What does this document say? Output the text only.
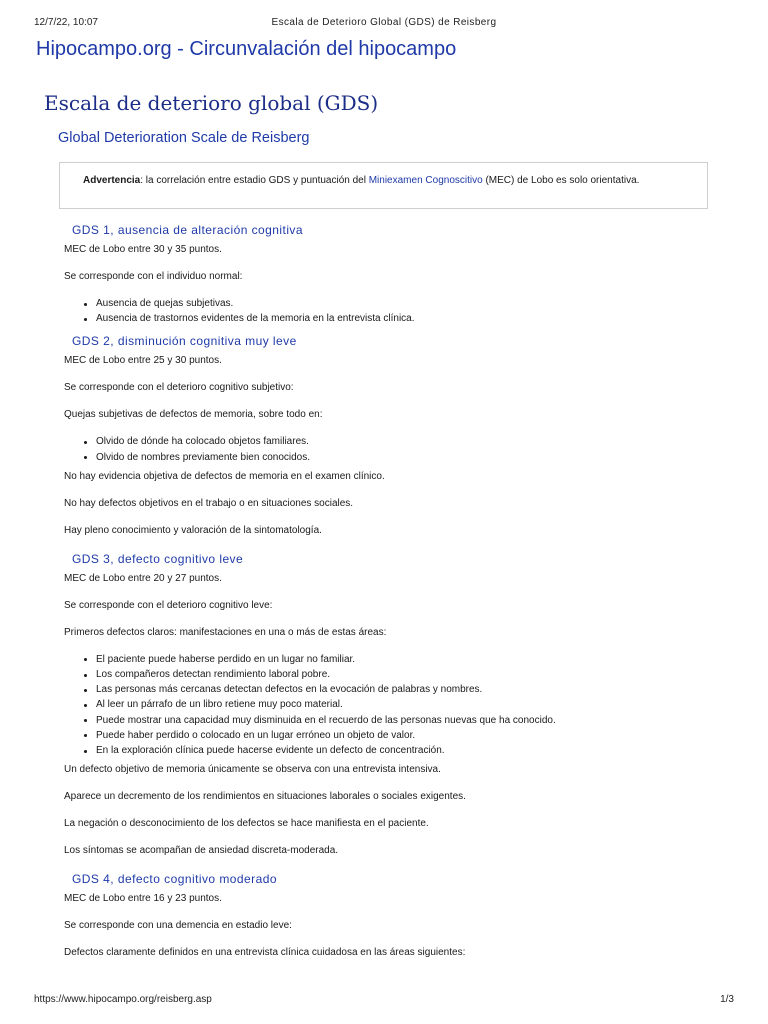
12/7/22, 10:07	Escala de Deterioro Global (GDS) de Reisberg
Hipocampo.org - Circunvalación del hipocampo
Escala de deterioro global (GDS)
Global Deterioration Scale de Reisberg
Advertencia: la correlación entre estadio GDS y puntuación del Miniexamen Cognoscitivo (MEC) de Lobo es solo orientativa.
GDS 1, ausencia de alteración cognitiva

MEC de Lobo entre 30 y 35 puntos.

Se corresponde con el individuo normal:

Ausencia de quejas subjetivas.
Ausencia de trastornos evidentes de la memoria en la entrevista clínica.
GDS 2, disminución cognitiva muy leve

MEC de Lobo entre 25 y 30 puntos.

Se corresponde con el deterioro cognitivo subjetivo:

Quejas subjetivas de defectos de memoria, sobre todo en:

Olvido de dónde ha colocado objetos familiares.
Olvido de nombres previamente bien conocidos.

No hay evidencia objetiva de defectos de memoria en el examen clínico.

No hay defectos objetivos en el trabajo o en situaciones sociales.

Hay pleno conocimiento y valoración de la sintomatología.

GDS 3, defecto cognitivo leve

MEC de Lobo entre 20 y 27 puntos.

Se corresponde con el deterioro cognitivo leve:

Primeros defectos claros: manifestaciones en una o más de estas áreas:

El paciente puede haberse perdido en un lugar no familiar.
Los compañeros detectan rendimiento laboral pobre.
Las personas más cercanas detectan defectos en la evocación de palabras y nombres.
Al leer un párrafo de un libro retiene muy poco material.
Puede mostrar una capacidad muy disminuida en el recuerdo de las personas nuevas que ha conocido.
Puede haber perdido o colocado en un lugar erróneo un objeto de valor.
En la exploración clínica puede hacerse evidente un defecto de concentración.

Un defecto objetivo de memoria únicamente se observa con una entrevista intensiva.

Aparece un decremento de los rendimientos en situaciones laborales o sociales exigentes.

La negación o desconocimiento de los defectos se hace manifiesta en el paciente.

Los síntomas se acompañan de ansiedad discreta-moderada.

GDS 4, defecto cognitivo moderado

MEC de Lobo entre 16 y 23 puntos.

Se corresponde con una demencia en estadio leve:

Defectos claramente definidos en una entrevista clínica cuidadosa en las áreas siguientes:

https://www.hipocampo.org/reisberg.asp	1/3
